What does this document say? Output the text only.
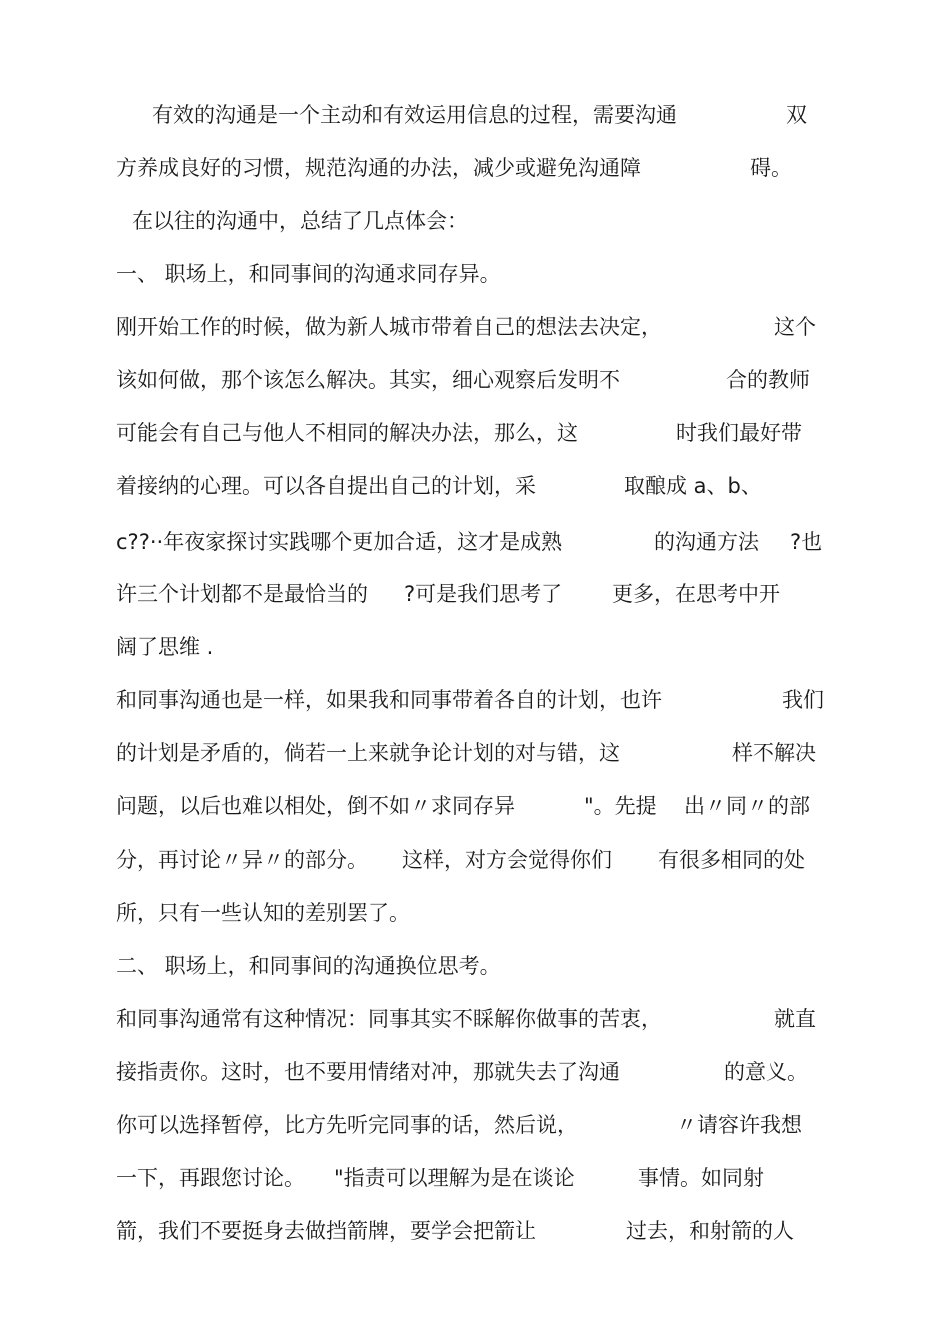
有效的沟通是一个主动和有效运用信息的过程，需要沟通	双
方养成良好的习惯，规范沟通的办法，减少或避免沟通障	碍。
在以往的沟通中，总结了几点体会：
一、 职场上，和同事间的沟通求同存异。
刚开始工作的时候，做为新人城市带着自己的想法去决定，	这个
该如何做，那个该怎么解决。其实，细心观察后发明不	合的教师
可能会有自己与他人不相同的解决办法，那么，这	时我们最好带
着接纳的心理。可以各自提出自己的计划，采	取酿成 a、b、
c??··年夜家探讨实践哪个更加合适，这才是成熟	的沟通方法 ?也
许三个计划都不是最恰当的 ?可是我们思考了 更多，在思考中开
阔了思维 .
和同事沟通也是一样，如果我和同事带着各自的计划，也许	我们
的计划是矛盾的，倘若一上来就争论计划的对与错，这	样不解决
问题，以后也难以相处，倒不如〃求同存异	"。先提 出〃同〃的部
分，再讨论〃异〃的部分。 这样，对方会觉得你们 有很多相同的处
所，只有一些认知的差别罢了。
二、 职场上，和同事间的沟通换位思考。
和同事沟通常有这种情况：同事其实不睬解你做事的苦衷，	就直
接指责你。这时，也不要用情绪对冲，那就失去了沟通	的意义。
你可以选择暂停，比方先听完同事的话，然后说，	〃请容许我想
一下，再跟您讨论。 "指责可以理解为是在谈论	事情。如同射
箭，我们不要挺身去做挡箭牌，要学会把箭让	过去，和射箭的人
